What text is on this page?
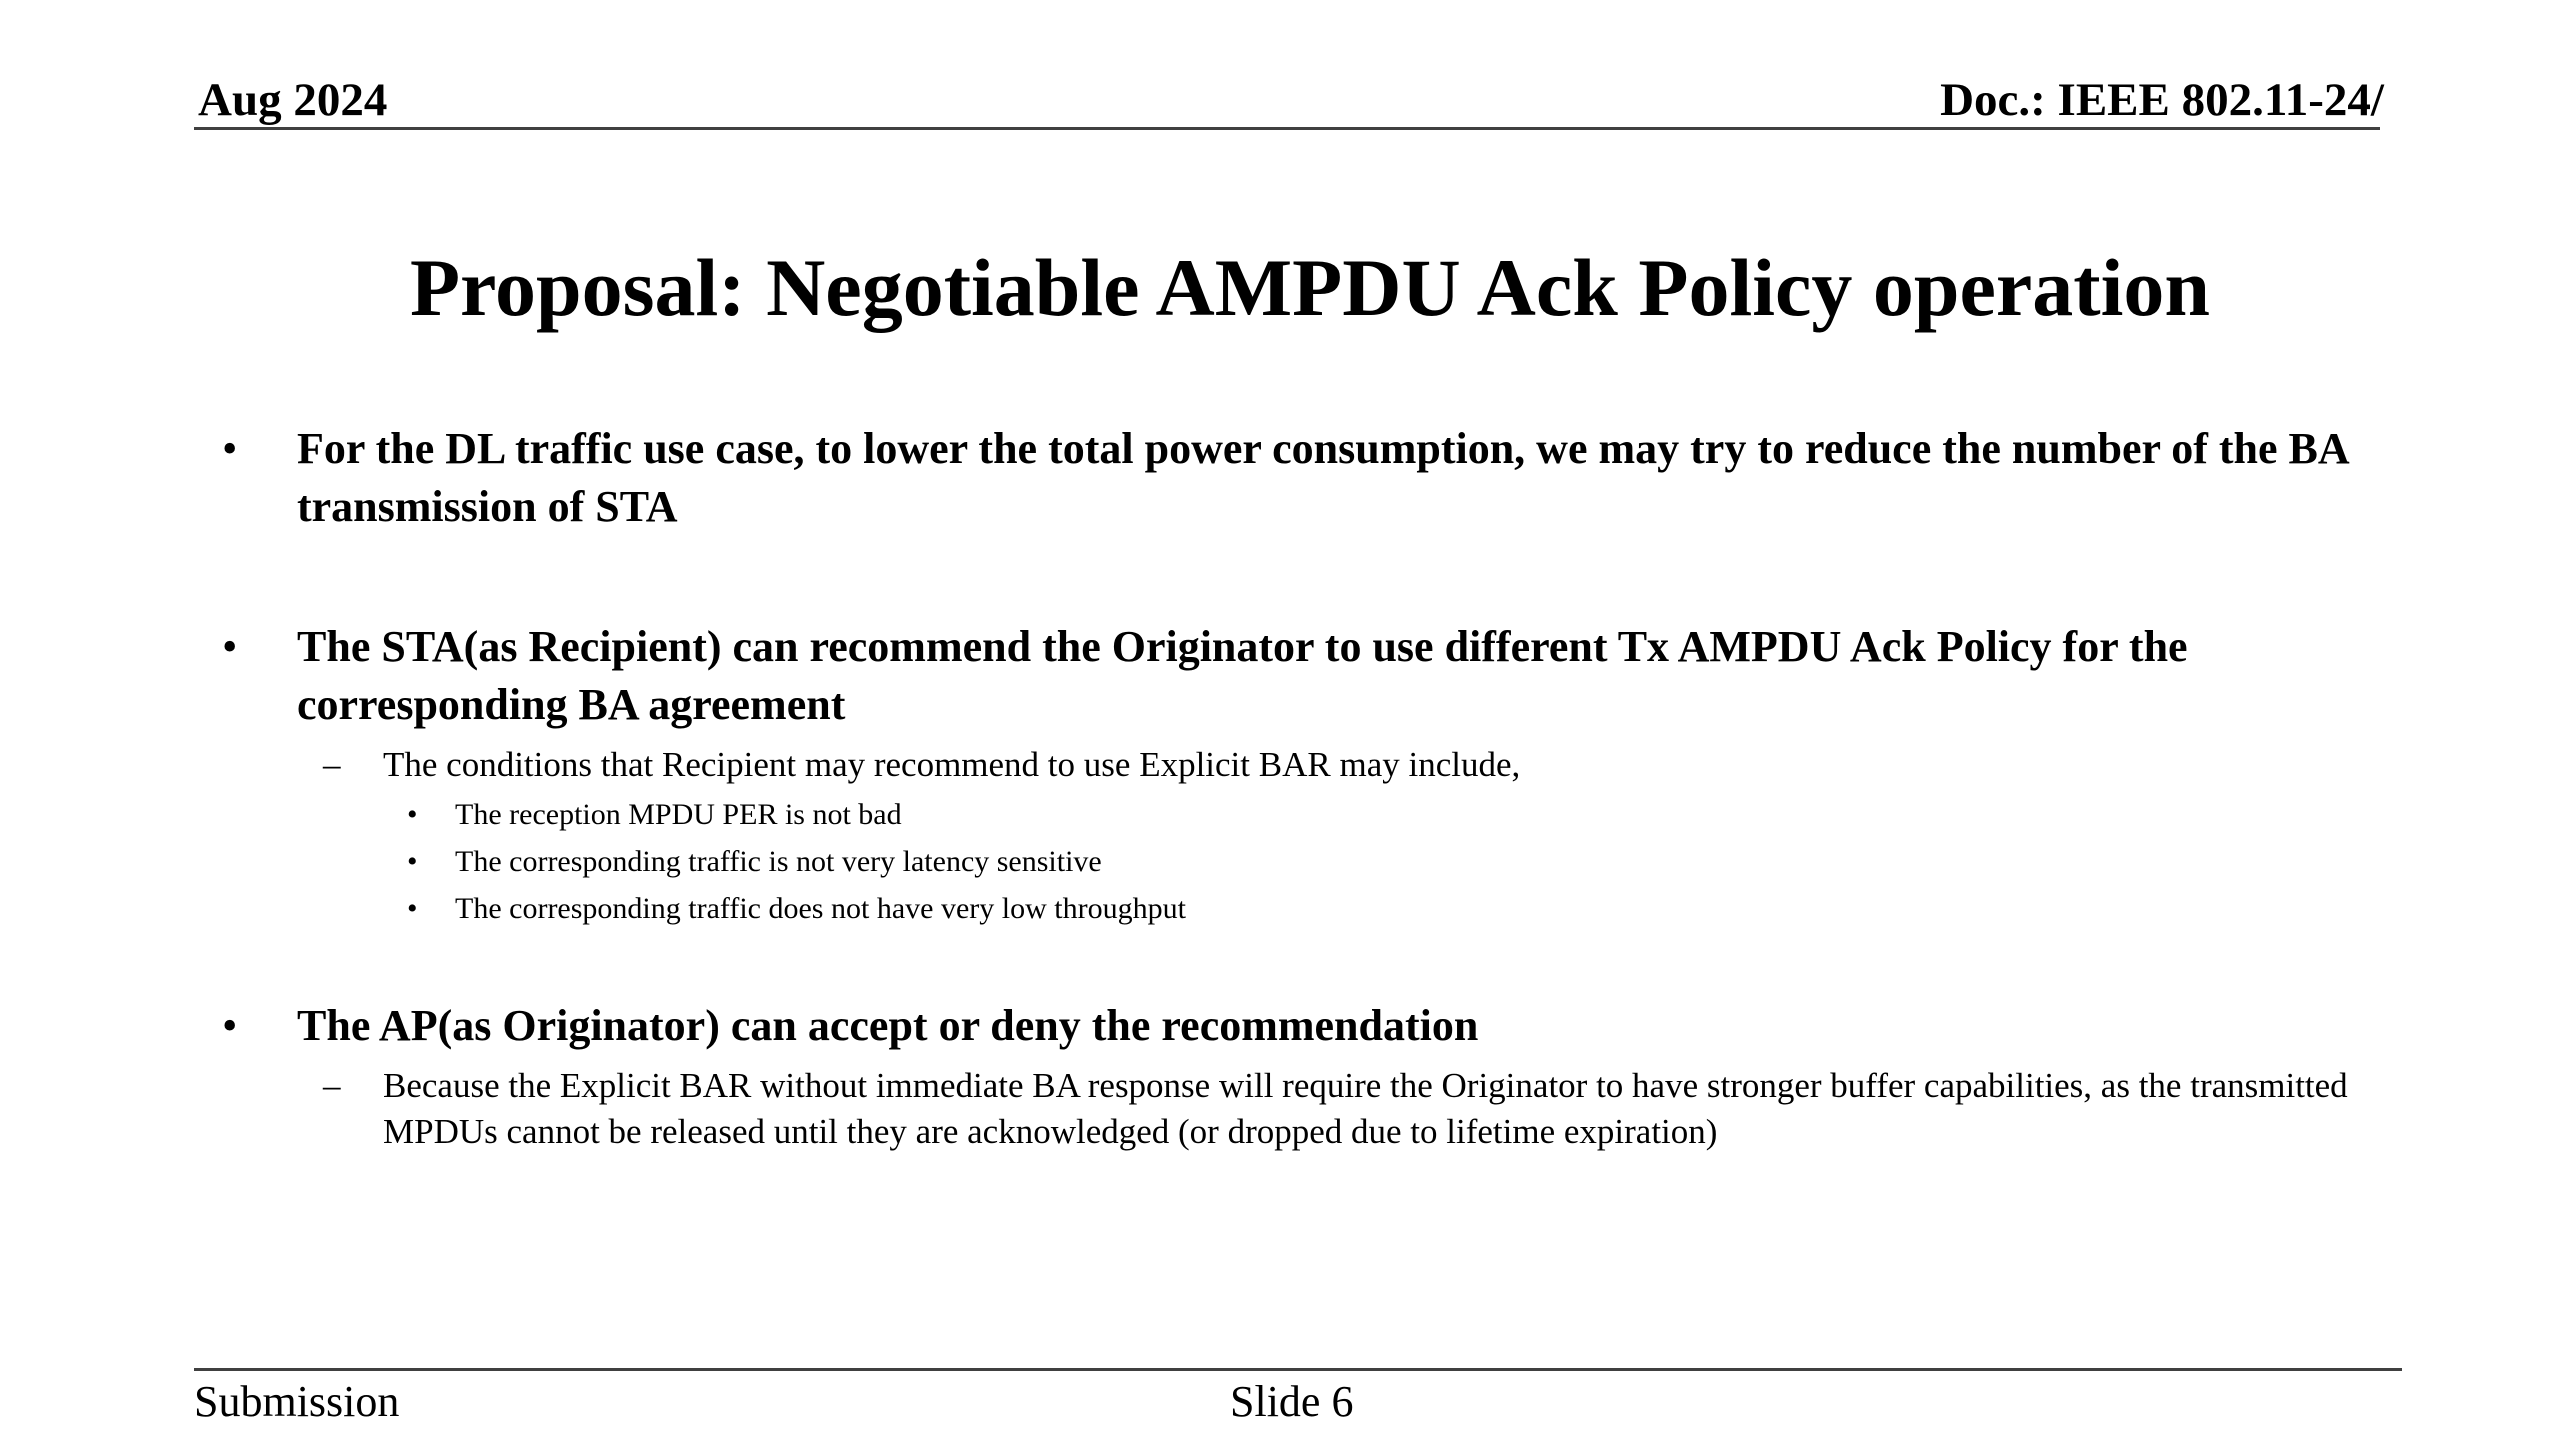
Aug 2024	Doc.: IEEE 802.11-24/
Proposal: Negotiable AMPDU Ack Policy operation
• For the DL traffic use case, to lower the total power consumption, we may try to reduce the number of the BA transmission of STA
• The STA(as Recipient) can recommend the Originator to use different Tx AMPDU Ack Policy for the corresponding BA agreement
– The conditions that Recipient may recommend to use Explicit BAR may include,
• The reception MPDU PER is not bad
• The corresponding traffic is not very latency sensitive
• The corresponding traffic does not have very low throughput
• The AP(as Originator) can accept or deny the recommendation
– Because the Explicit BAR without immediate BA response will require the Originator to have stronger buffer capabilities, as the transmitted MPDUs cannot be released until they are acknowledged (or dropped due to lifetime expiration)
Submission	Slide 6
